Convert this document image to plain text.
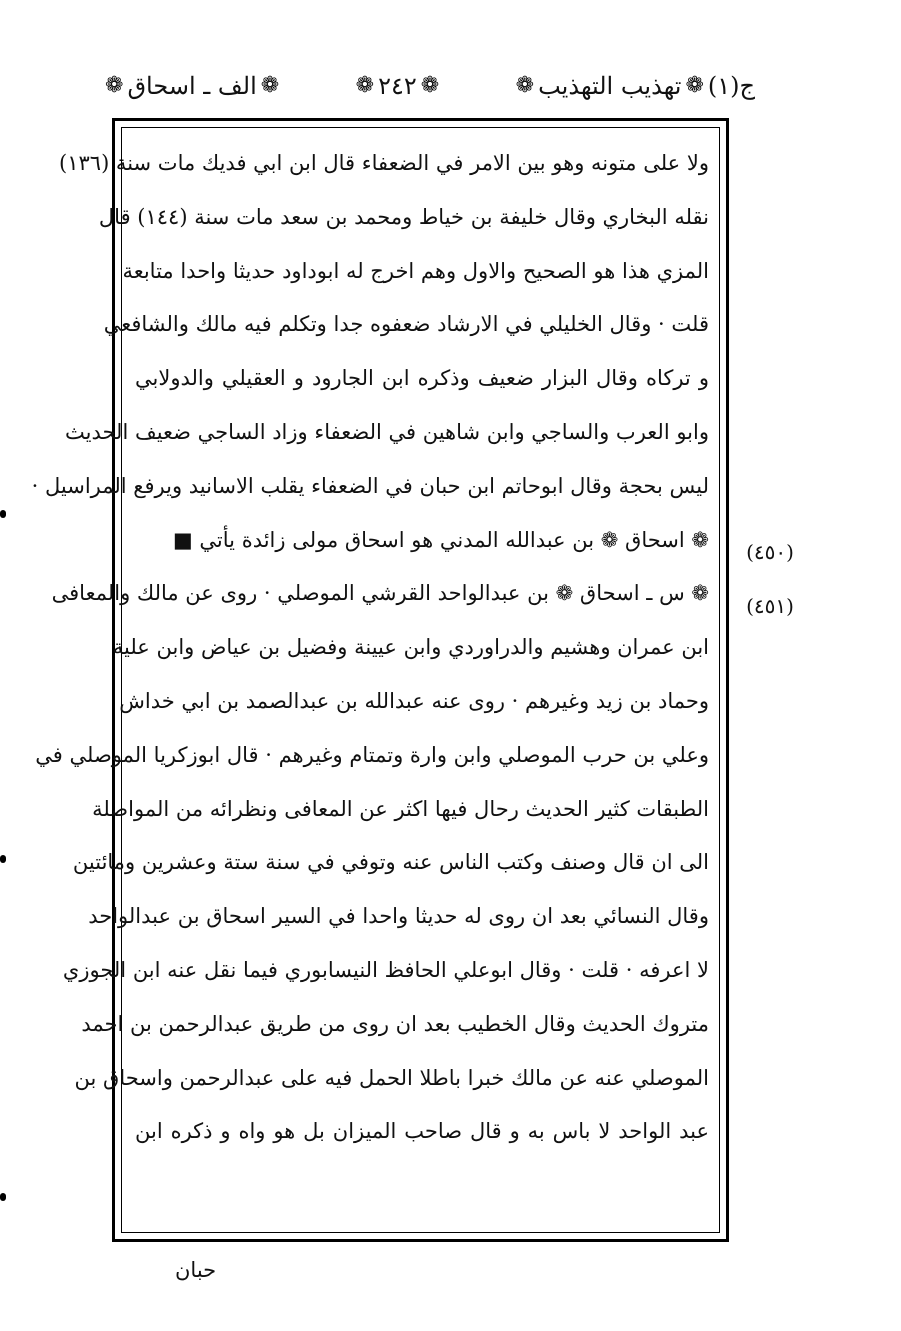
ج(١)
❁
تهذيب التهذيب
❁
❁
٢٤٢
❁
❁
الف ـ اسحاق
❁
ولا على متونه وهو بين الامر في الضعفاء قال ابن ابي فديك مات سنة (١٣٦)
نقله البخاري وقال خليفة بن خياط ومحمد بن سعد مات سنة (١٤٤) قال
المزي هذا هو الصحيح والاول وهم اخرج له ابوداود حديثا واحدا متابعة
قلت · وقال الخليلي في الارشاد ضعفوه جدا وتكلم فيه مالك والشافعي
و تركاه وقال البزار ضعيف وذكره ابن الجارود و العقيلي والدولابي
وابو العرب والساجي وابن شاهين في الضعفاء وزاد الساجي ضعيف الحديث
ليس بحجة وقال ابوحاتم ابن حبان في الضعفاء يقلب الاسانيد ويرفع المراسيل ·
❁ اسحاق ❁ بن عبدالله المدني هو اسحاق مولى زائدة يأتي ■
❁ س ـ اسحاق ❁ بن عبدالواحد القرشي الموصلي · روى عن مالك والمعافى
ابن عمران وهشيم والدراوردي وابن عيينة وفضيل بن عياض وابن علية
وحماد بن زيد وغيرهم · روى عنه عبدالله بن عبدالصمد بن ابي خداش
وعلي بن حرب الموصلي وابن وارة وتمتام وغيرهم · قال ابوزكريا الموصلي في
الطبقات كثير الحديث رحال فيها اكثر عن المعافى ونظرائه من المواصلة
الى ان قال وصنف وكتب الناس عنه وتوفي في سنة ستة وعشرين ومائتين
وقال النسائي بعد ان روى له حديثا واحدا في السير اسحاق بن عبدالواحد
لا اعرفه · قلت · وقال ابوعلي الحافظ النيسابوري فيما نقل عنه ابن الجوزي
متروك الحديث وقال الخطيب بعد ان روى من طريق عبدالرحمن بن احمد
الموصلي عنه عن مالك خبرا باطلا الحمل فيه على عبدالرحمن واسحاق بن
عبد الواحد لا باس به و قال صاحب الميزان بل هو واه و ذكره ابن
(٤٥٠)
(٤٥١)
حبان
